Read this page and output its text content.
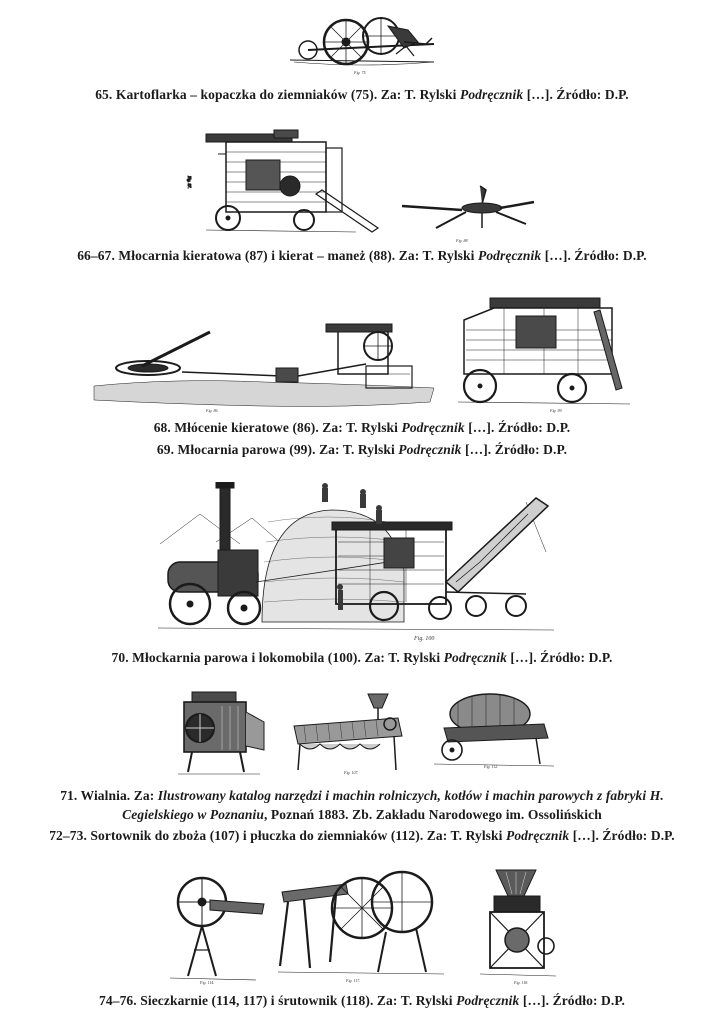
Fig. 75.
65. Kartoflarka – kopaczka do ziemniaków (75). Za: T. Rylski Podręcznik […]. Źródło: D.P.
Fig. 87.
Fig. 88.
66–67. Młocarnia kieratowa (87) i kierat – maneż (88). Za: T. Rylski Podręcznik […]. Źródło: D.P.
Fig. 86.	Fig. 99.
68. Młócenie kieratowe (86). Za: T. Rylski Podręcznik […]. Źródło: D.P.
69. Młocarnia parowa (99). Za: T. Rylski Podręcznik […]. Źródło: D.P.
Fig. 100
70. Młockarnia parowa i lokomobila (100). Za: T. Rylski Podręcznik […]. Źródło: D.P.
Fig. 107.
Fig. 112.
71. Wialnia. Za: Ilustrowany katalog narzędzi i machin rolniczych, kotłów i machin parowych z fabryki H.
Cegielskiego w Poznaniu, Poznań 1883. Zb. Zakładu Narodowego im. Ossolińskich
72–73. Sortownik do zboża (107) i płuczka do ziemniaków (112). Za: T. Rylski Podręcznik […]. Źródło: D.P.
Fig. 114.	Fig. 117.	Fig. 118.
74–76. Sieczkarnie (114, 117) i śrutownik (118). Za: T. Rylski Podręcznik […]. Źródło: D.P.
